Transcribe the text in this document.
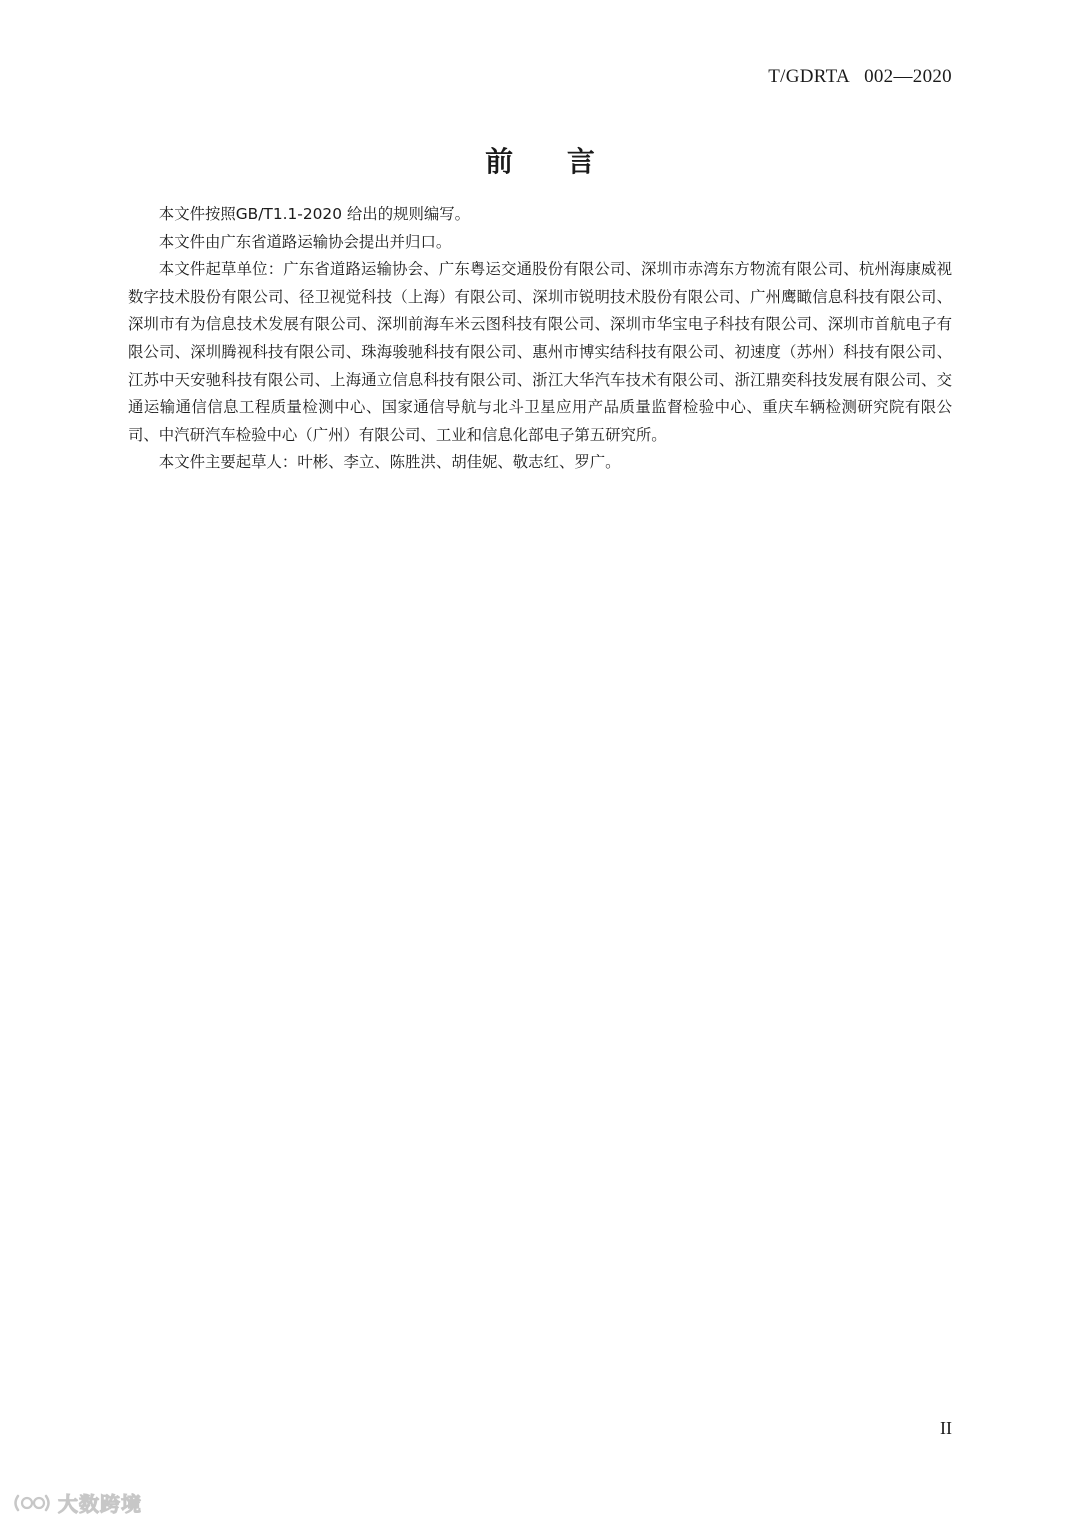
T/GDRTA   002—2020
前 言

本文件按照GB/T1.1-2020 给出的规则编写。

本文件由广东省道路运输协会提出并归口。

本文件起草单位：广东省道路运输协会、广东粤运交通股份有限公司、深圳市赤湾东方物流有限公司、杭州海康威视数字技术股份有限公司、径卫视觉科技（上海）有限公司、深圳市锐明技术股份有限公司、广州鹰瞰信息科技有限公司、深圳市有为信息技术发展有限公司、深圳前海车米云图科技有限公司、深圳市华宝电子科技有限公司、深圳市首航电子有限公司、深圳腾视科技有限公司、珠海骏驰科技有限公司、惠州市博实结科技有限公司、初速度（苏州）科技有限公司、江苏中天安驰科技有限公司、上海通立信息科技有限公司、浙江大华汽车技术有限公司、浙江鼎奕科技发展有限公司、交通运输通信信息工程质量检测中心、国家通信导航与北斗卫星应用产品质量监督检验中心、重庆车辆检测研究院有限公司、中汽研汽车检验中心（广州）有限公司、工业和信息化部电子第五研究所。

本文件主要起草人：叶彬、李立、陈胜洪、胡佳妮、敬志红、罗广。

II
大数跨境
